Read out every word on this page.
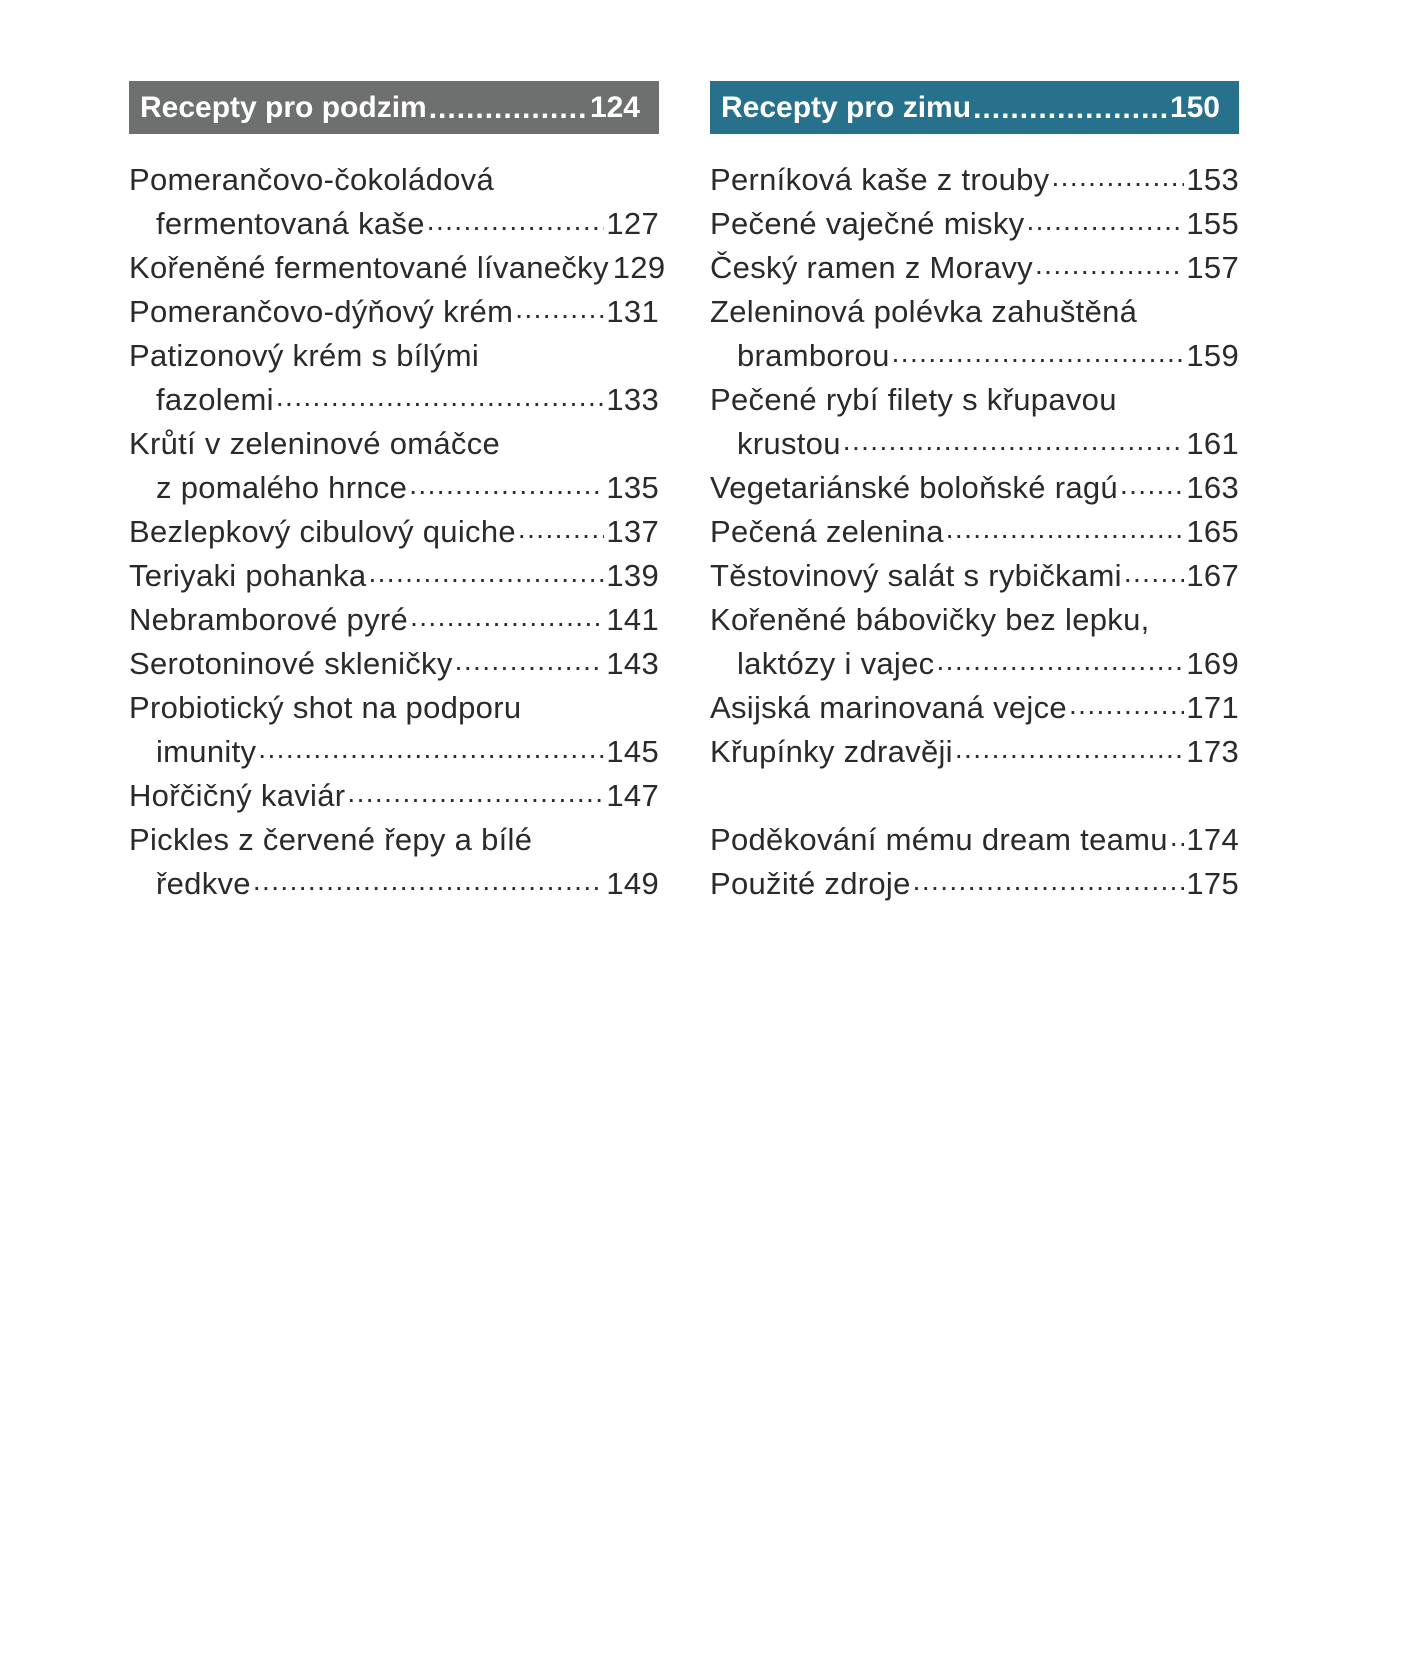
Recepty pro podzim .....	124
Pomerančovo-čokoládová
fermentovaná kaše .....	127
Kořeněné fermentované lívanečky 129
Pomerančovo-dýňový krém .....	131
Patizonový krém s bílými
fazolemi .....	133
Krůtí v zeleninové omáčce
z pomalého hrnce .....	135
Bezlepkový cibulový quiche .....	137
Teriyaki pohanka .....	139
Nebramborové pyré .....	141
Serotoninové skleničky .....	143
Probiotický shot na podporu
imunity .....	145
Hořčičný kaviár .....	147
Pickles z červené řepy a bílé
ředkve .....	149
Recepty pro zimu .....	150
Perníková kaše z trouby .....	153
Pečené vaječné misky .....	155
Český ramen z Moravy .....	157
Zeleninová polévka zahuštěná
bramborou .....	159
Pečené rybí filety s křupavou
krustou .....	161
Vegetariánské boloňské ragú ..... 163
Pečená zelenina .....	165
Těstovinový salát s rybičkami ..... 167
Kořeněné bábovičky bez lepku,
laktózy i vajec .....	169
Asijská marinovaná vejce .....	171
Křupínky zdravěji .....	173
Poděkování mému dream teamu ..... 174
Použité zdroje .....	175
